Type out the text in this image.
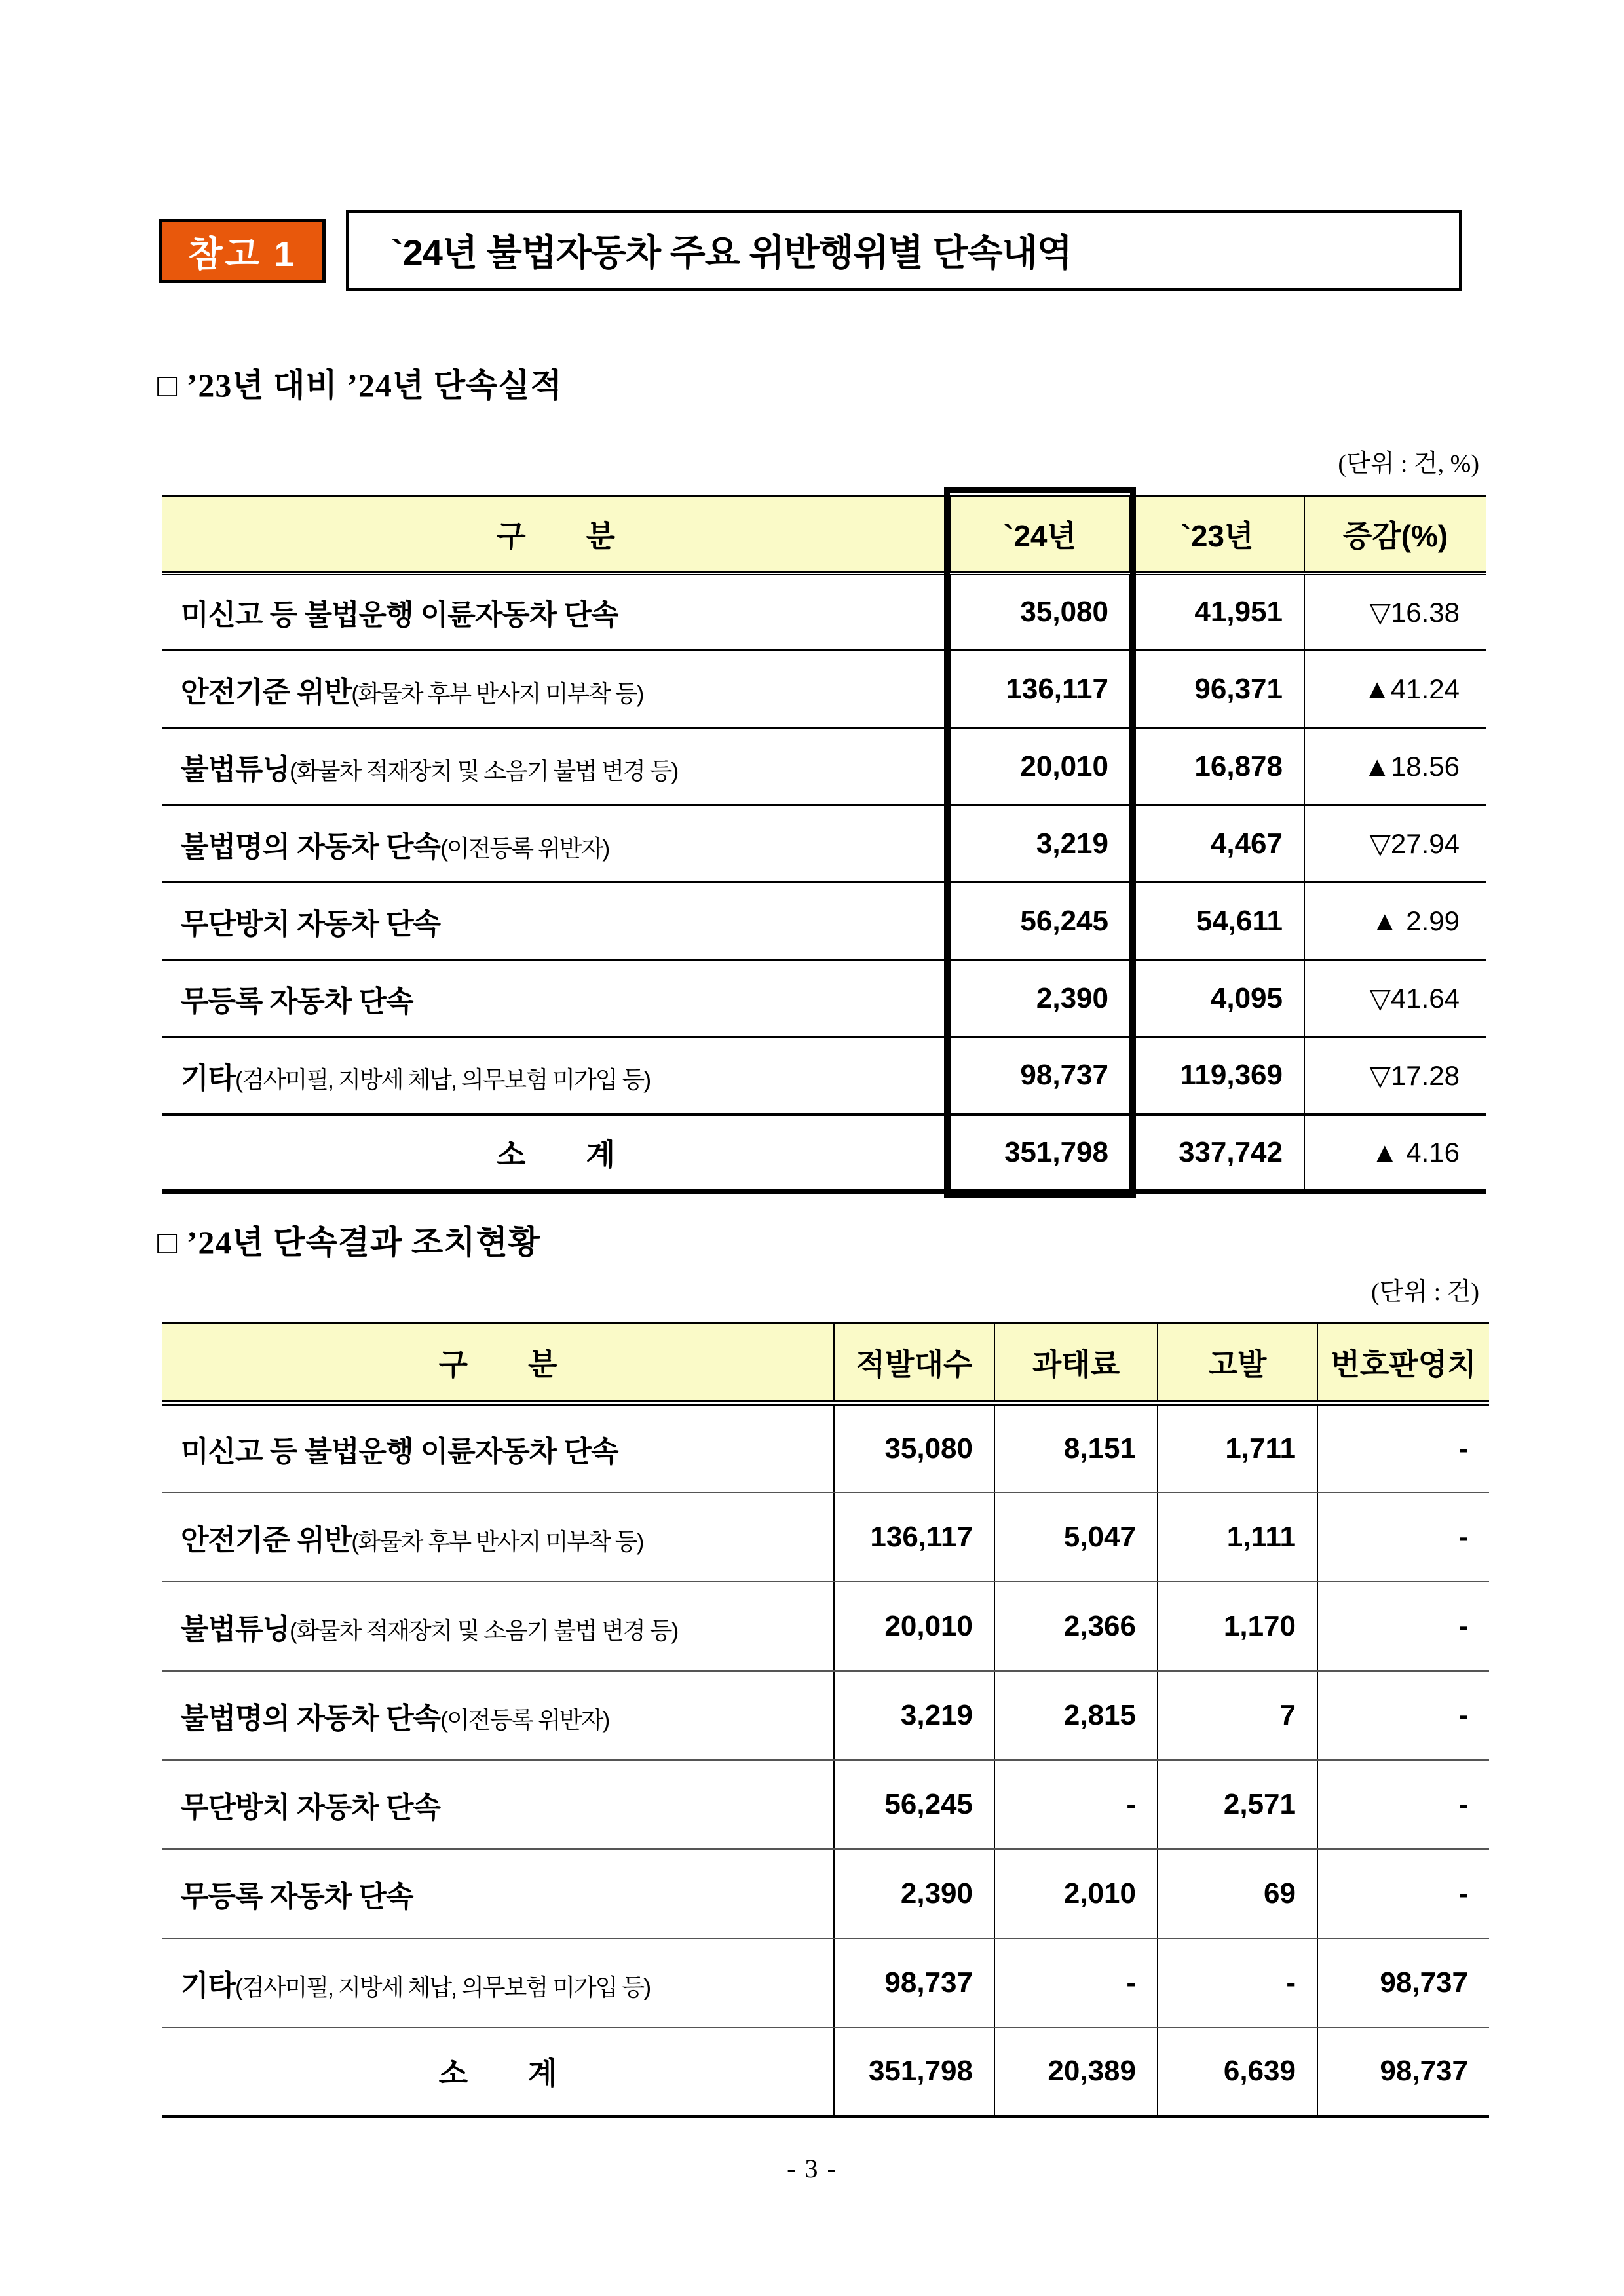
참고 1	`24년 불법자동차 주요 위반행위별 단속내역
□ ’23년 대비 ’24년 단속실적
(단위 : 건, %)
구　　분	`24년	`23년	증감(%)
미신고 등 불법운행 이륜자동차 단속	35,080	41,951	▽16.38
안전기준 위반(화물차 후부 반사지 미부착 등)	136,117	96,371	▲41.24
불법튜닝(화물차 적재장치 및 소음기 불법 변경 등)	20,010	16,878	▲18.56
불법명의 자동차 단속(이전등록 위반자)	3,219	4,467	▽27.94
무단방치 자동차 단속	56,245	54,611	▲ 2.99
무등록 자동차 단속	2,390	4,095	▽41.64
기타(검사미필, 지방세 체납, 의무보험 미가입 등)	98,737	119,369	▽17.28
소　　계	351,798	337,742	▲ 4.16
□ ’24년 단속결과 조치현황
(단위 : 건)
구　　분	적발대수	과태료	고발	번호판영치
미신고 등 불법운행 이륜자동차 단속	35,080	8,151	1,711	-
안전기준 위반(화물차 후부 반사지 미부착 등)	136,117	5,047	1,111	-
불법튜닝(화물차 적재장치 및 소음기 불법 변경 등)	20,010	2,366	1,170	-
불법명의 자동차 단속(이전등록 위반자)	3,219	2,815	7	-
무단방치 자동차 단속	56,245	-	2,571	-
무등록 자동차 단속	2,390	2,010	69	-
기타(검사미필, 지방세 체납, 의무보험 미가입 등)	98,737	-	-	98,737
소　　계	351,798	20,389	6,639	98,737
- 3 -
